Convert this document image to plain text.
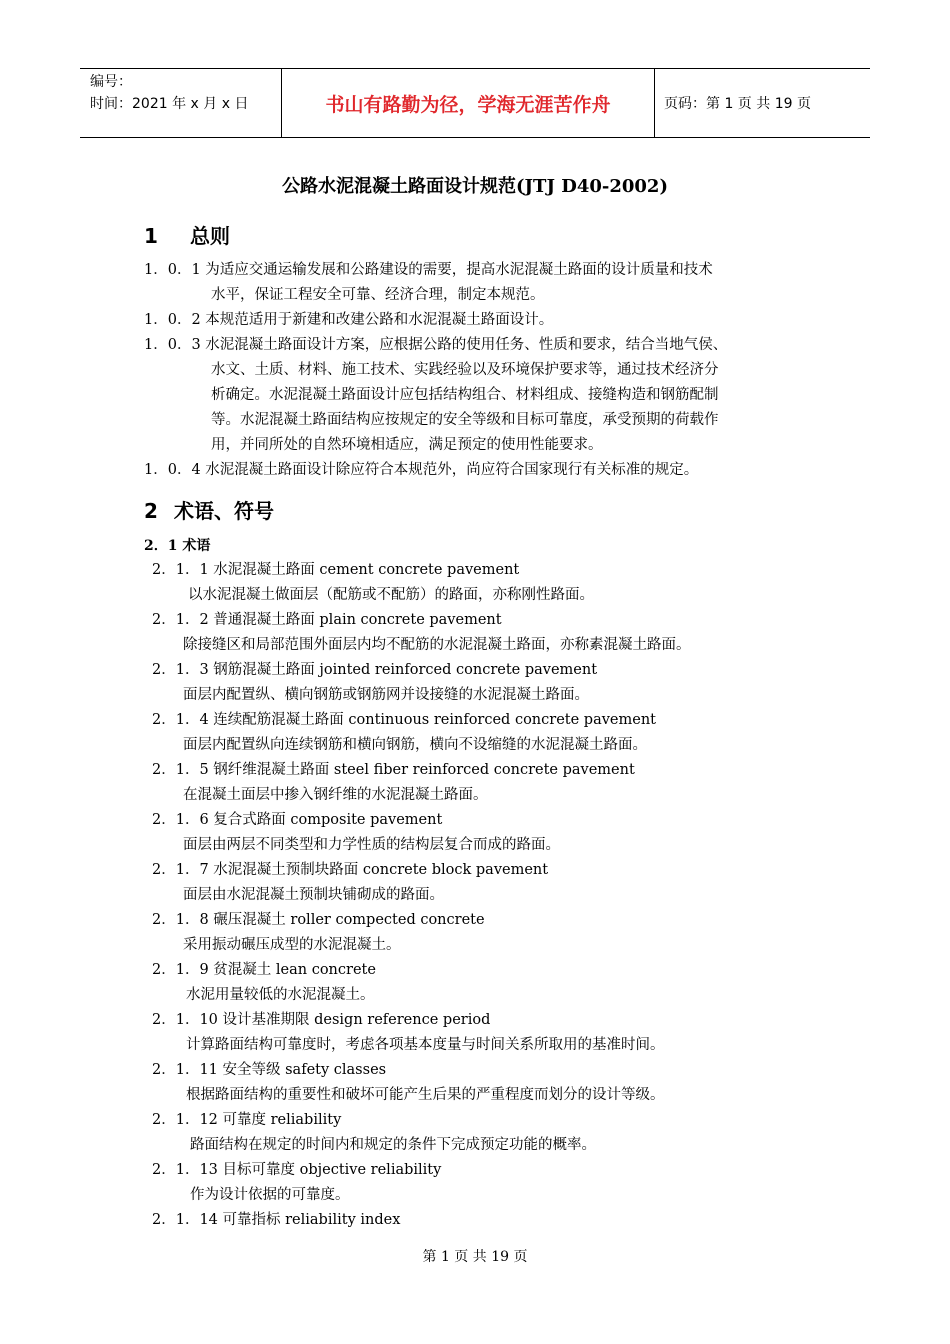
编号：
时间：2021 年 x 月 x 日	书山有路勤为径，学海无涯苦作舟	页码：第 1 页 共 19 页
公路水泥混凝土路面设计规范(JTJ D40-2002)
1 总则
1．0．1 为适应交通运输发展和公路建设的需要，提高水泥混凝土路面的设计质量和技术
水平，保证工程安全可靠、经济合理，制定本规范。
1．0．2 本规范适用于新建和改建公路和水泥混凝土路面设计。
1．0．3 水泥混凝土路面设计方案，应根据公路的使用任务、性质和要求，结合当地气侯、
水文、土质、材料、施工技术、实践经验以及环境保护要求等，通过技术经济分
析确定。水泥混凝土路面设计应包括结构组合、材料组成、接缝构造和钢筋配制
等。水泥混凝土路面结构应按规定的安全等级和目标可靠度，承受预期的荷载作
用，并同所处的自然环境相适应，满足预定的使用性能要求。
1．0．4 水泥混凝土路面设计除应符合本规范外，尚应符合国家现行有关标准的规定。
2 术语、符号
2．1 术语
2．1．1 水泥混凝土路面 cement concrete pavement
以水泥混凝土做面层（配筋或不配筋）的路面，亦称刚性路面。
2．1．2 普通混凝土路面 plain concrete pavement
除接缝区和局部范围外面层内均不配筋的水泥混凝土路面，亦称素混凝土路面。
2．1．3 钢筋混凝土路面 jointed reinforced concrete pavement
面层内配置纵、横向钢筋或钢筋网并设接缝的水泥混凝土路面。
2．1．4 连续配筋混凝土路面 continuous reinforced concrete pavement
面层内配置纵向连续钢筋和横向钢筋，横向不设缩缝的水泥混凝土路面。
2．1．5 钢纤维混凝土路面 steel fiber reinforced concrete pavement
在混凝土面层中掺入钢纤维的水泥混凝土路面。
2．1．6 复合式路面 composite pavement
面层由两层不同类型和力学性质的结构层复合而成的路面。
2．1．7 水泥混凝土预制块路面 concrete block pavement
面层由水泥混凝土预制块铺砌成的路面。
2．1．8 碾压混凝土 roller compected concrete
采用振动碾压成型的水泥混凝土。
2．1．9 贫混凝土 lean concrete
水泥用量较低的水泥混凝土。
2．1．10 设计基准期限 design reference period
计算路面结构可靠度时，考虑各项基本度量与时间关系所取用的基准时间。
2．1．11 安全等级 safety classes
根据路面结构的重要性和破坏可能产生后果的严重程度而划分的设计等级。
2．1．12 可靠度 reliability
路面结构在规定的时间内和规定的条件下完成预定功能的概率。
2．1．13 目标可靠度 objective reliability
作为设计依据的可靠度。
2．1．14 可靠指标 reliability index
第 1 页 共 19 页
